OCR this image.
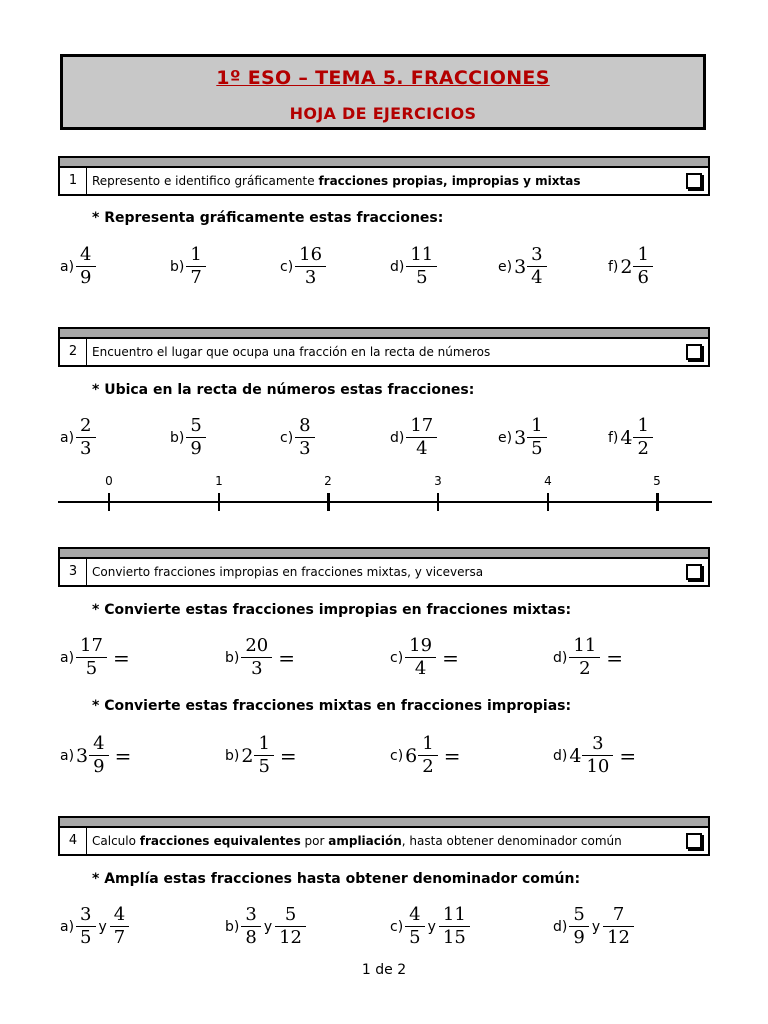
1º ESO – TEMA 5. FRACCIONES
HOJA DE EJERCICIOS
1	Represento e identifico gráficamente fracciones propias, impropias y mixtas
* Representa gráficamente estas fracciones:
$a) \frac{4}{9}$	$b) \frac{1}{7}$	$c) \frac{16}{3}$	$d) \frac{11}{5}$	e) $3 \frac{3}{4}$	f) $2 \frac{1}{6}$
2	Encuentro el lugar que ocupa una fracción en la recta de números
* Ubica en la recta de números estas fracciones:
$a) \frac{2}{3}$	$b) \frac{5}{9}$	$c) \frac{8}{3}$	$d) \frac{17}{4}$	e) $3 \frac{1}{5}$	f) $4 \frac{1}{2}$
0	1	2	3	4	5
3	Convierto fracciones impropias en fracciones mixtas, y viceversa
* Convierte estas fracciones impropias en fracciones mixtas:
$a) \frac{17}{5}$ =	$b) \frac{20}{3}$ =	$c) \frac{19}{4}$ =	$d) \frac{11}{2}$ =
* Convierte estas fracciones mixtas en fracciones impropias:
a) $3 \frac{4}{9}$ =	b) $2 \frac{1}{5}$ =	c) $6 \frac{1}{2}$ =	d) $4 \frac{3}{10}$ =
4	Calculo fracciones equivalentes por ampliación, hasta obtener denominador común
* Amplía estas fracciones hasta obtener denominador común:
$a) \frac{3}{5}$ y $\frac{4}{7}$	$b) \frac{3}{8}$ y $\frac{5}{12}$	$c) \frac{4}{5}$ y $\frac{11}{15}$	$d) \frac{5}{9}$ y $\frac{7}{12}$
1 de 2
